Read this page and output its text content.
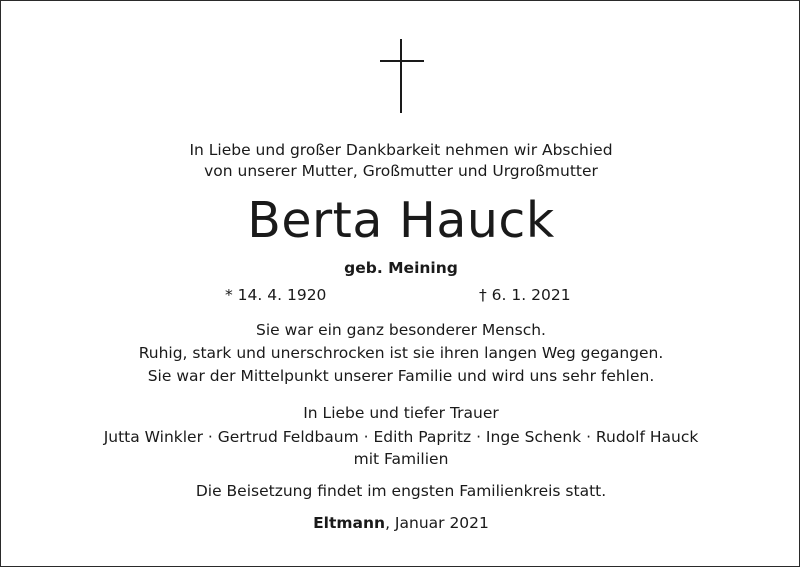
In Liebe und großer Dankbarkeit nehmen wir Abschied
von unserer Mutter, Großmutter und Urgroßmutter
Berta Hauck
geb. Meining
* 14. 4. 1920	† 6. 1. 2021
Sie war ein ganz besonderer Mensch.
Ruhig, stark und unerschrocken ist sie ihren langen Weg gegangen.
Sie war der Mittelpunkt unserer Familie und wird uns sehr fehlen.
In Liebe und tiefer Trauer
Jutta Winkler · Gertrud Feldbaum · Edith Papritz · Inge Schenk · Rudolf Hauck
mit Familien
Die Beisetzung findet im engsten Familienkreis statt.
Eltmann, Januar 2021
